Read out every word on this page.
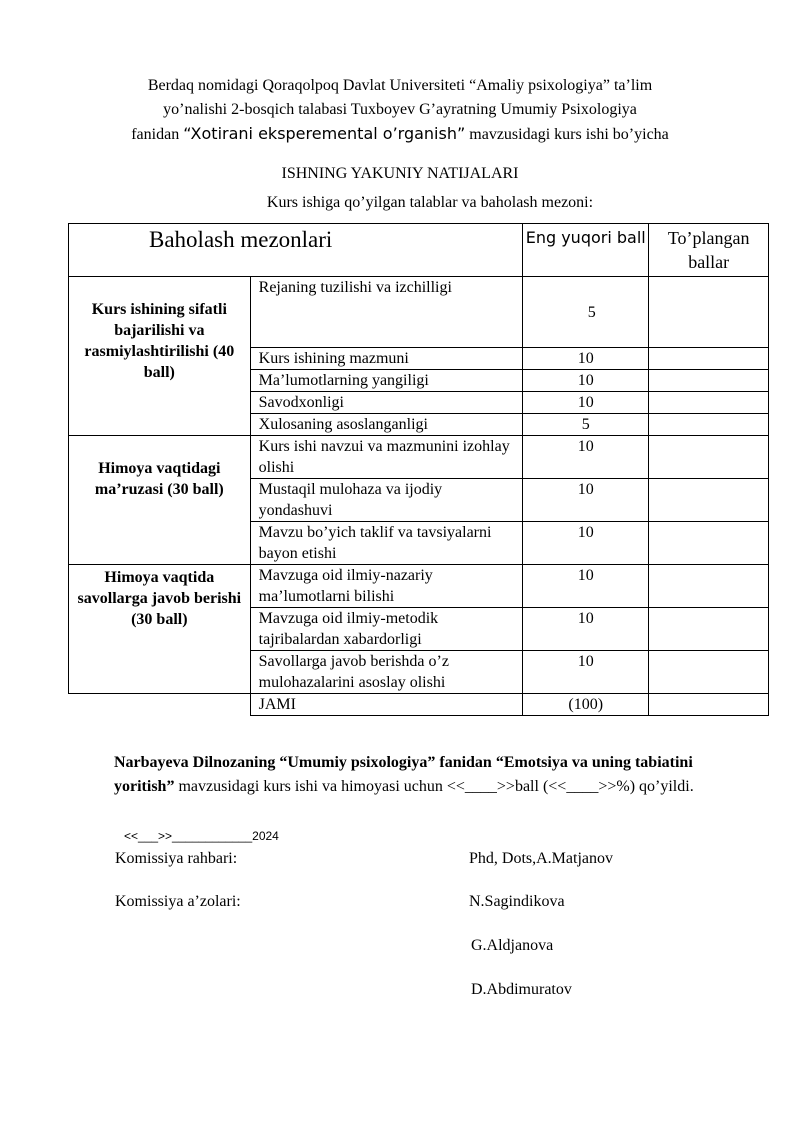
Berdaq nomidagi Qoraqolpoq Davlat Universiteti “Amaliy psixologiya” ta’lim
yo’nalishi 2-bosqich talabasi Tuxboyev G’ayratning Umumiy Psixologiya
fanidan “Xotirani eksperemental o’rganish” mavzusidagi kurs ishi bo’yicha
ISHNING YAKUNIY NATIJALARI
Kurs ishiga qo’yilgan talablar va baholash mezoni:
Baholash mezonlari		Eng yuqori ball	To’plangan ballar
Kurs ishining sifatli bajarilishi va rasmiylashtirilishi (40 ball)	Rejaning tuzilishi va izchilligi	5	
	Kurs ishining mazmuni	10	
	Ma’lumotlarning yangiligi	10	
	Savodxonligi	10	
	Xulosaning asoslanganligi	5	
Himoya vaqtidagi ma’ruzasi (30 ball)	Kurs ishi navzui va mazmunini izohlay olishi	10	
	Mustaqil mulohaza va ijodiy yondashuvi	10	
	Mavzu bo’yich taklif va tavsiyalarni bayon etishi	10	
Himoya vaqtida savollarga javob berishi (30 ball)	Mavzuga oid ilmiy-nazariy ma’lumotlarni bilishi	10	
	Mavzuga oid ilmiy-metodik tajribalardan xabardorligi	10	
	Savollarga javob berishda o’z mulohazalarini asoslay olishi	10	
	JAMI	(100)	
Narbayeva Dilnozaning “Umumiy psixologiya” fanidan “Emotsiya va uning tabiatini yoritish” mavzusidagi kurs ishi va himoyasi uchun <<____>>ball (<<____>>%) qo’yildi.
<<___>>____________2024
Komissiya rahbari:	Phd, Dots,A.Matjanov
Komissiya a’zolari:	N.Sagindikova
G.Aldjanova
D.Abdimuratov
